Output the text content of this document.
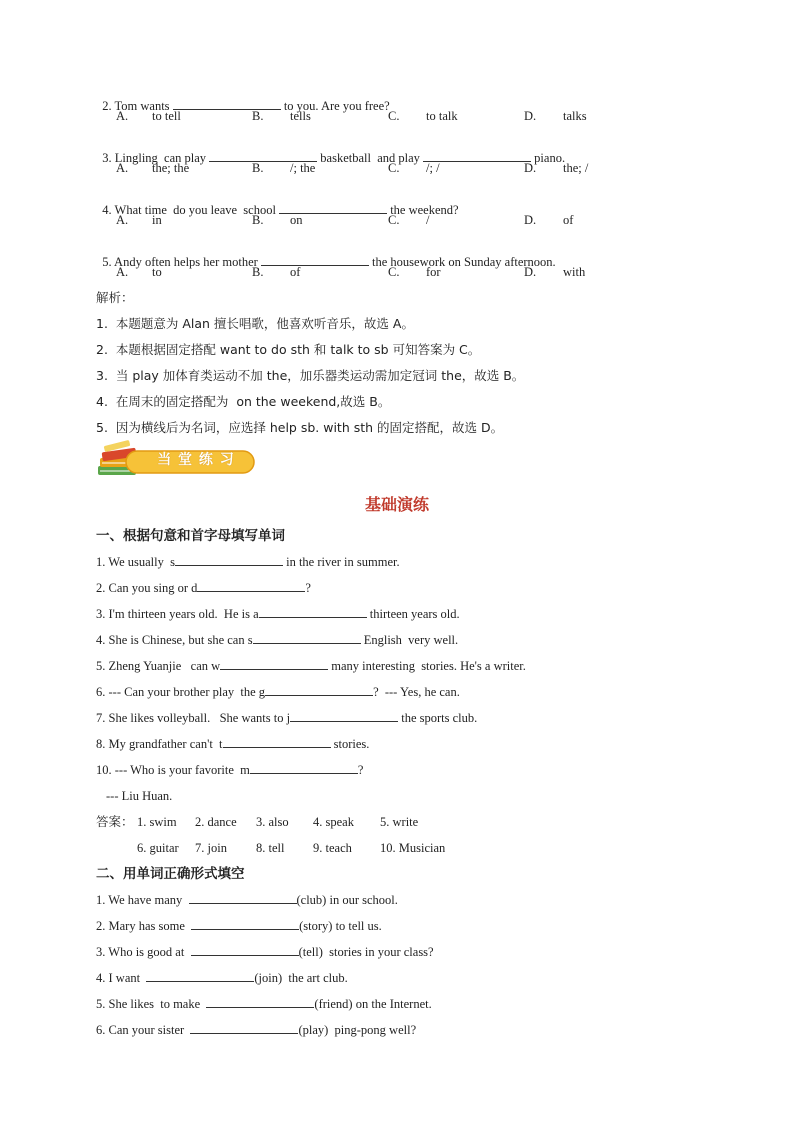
2. Tom wants	to you. Are you free?

A. to tell	B. tells	C. to talk	D. talks

3. Lingling  can play	basketball  and play	piano.

A. the; the	B. /; the	C. /; /	D. the; /

4. What time  do you leave  school	the weekend?

A. in	B. on	C. /	D. of

5. Andy often helps her mother	the housework on Sunday afternoon.

A. to	B. of	C. for	D. with
解析：
1.  本题题意为 Alan 擅长唱歌，他喜欢听音乐，故选 A。
2.  本题根据固定搭配 want to do sth 和 talk to sb 可知答案为 C。
3.  当 play 加体育类运动不加 the，加乐器类运动需加定冠词 the，故选 B。
4.  在周末的固定搭配为  on the weekend,故选 B。
5.  因为横线后为名词，应选择 help sb. with sth 的固定搭配，故选 D。
当 堂 练 习
基础演练
一、根据句意和首字母填写单词
1. We usually  s	in the river in summer.
2. Can you sing or d	?
3. I'm thirteen years old.  He is a	thirteen years old.
4. She is Chinese, but she can s	English  very well.
5. Zheng Yuanjie   can w	many interesting  stories. He's a writer.
6. --- Can your brother play  the g	?  --- Yes, he can.
7. She likes volleyball.   She wants to j	the sports club.
8. My grandfather can't  t	stories.
10. --- Who is your favorite  m	?
--- Liu Huan.
答案： 1. swim 2. dance 3. also 4. speak 5. write
6. guitar 7. join 8. tell 9. teach 10. Musician
二、用单词正确形式填空
1. We have many	(club) in our school.
2. Mary has some	(story) to tell us.
3. Who is good at	(tell)  stories in your class?
4. I want	(join)  the art club.
5. She likes  to make	(friend) on the Internet.
6. Can your sister	(play)  ping-pong well?
